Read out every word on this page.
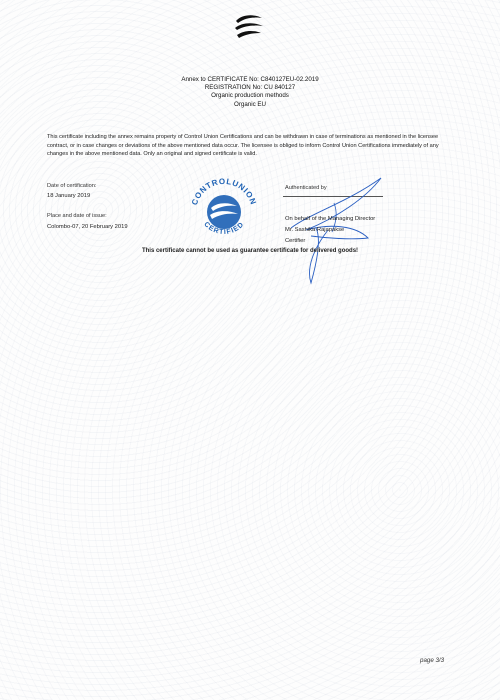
Annex to CERTIFICATE No: C840127EU-02.2019
REGISTRATION No: CU 840127
Organic production methods
Organic EU
This certificate including the annex remains property of Control Union Certifications and can be withdrawn in case of terminations as mentioned in the licensee contract, or in case changes or deviations of the above mentioned data occur. The licensee is obliged to inform Control Union Certifications immediately of any changes in the above mentioned data. Only an original and signed certificate is valid.
Date of certification:
18 January 2019
Place and date of issue:
Colombo-07, 20 February 2019
CONTROLUNION
CERTIFIED
Authenticated by
On behalf of the Managing Director
Mr. Sashika Rajapakse
Certifier
This certificate cannot be used as guarantee certificate for delivered goods!
page 3/3
